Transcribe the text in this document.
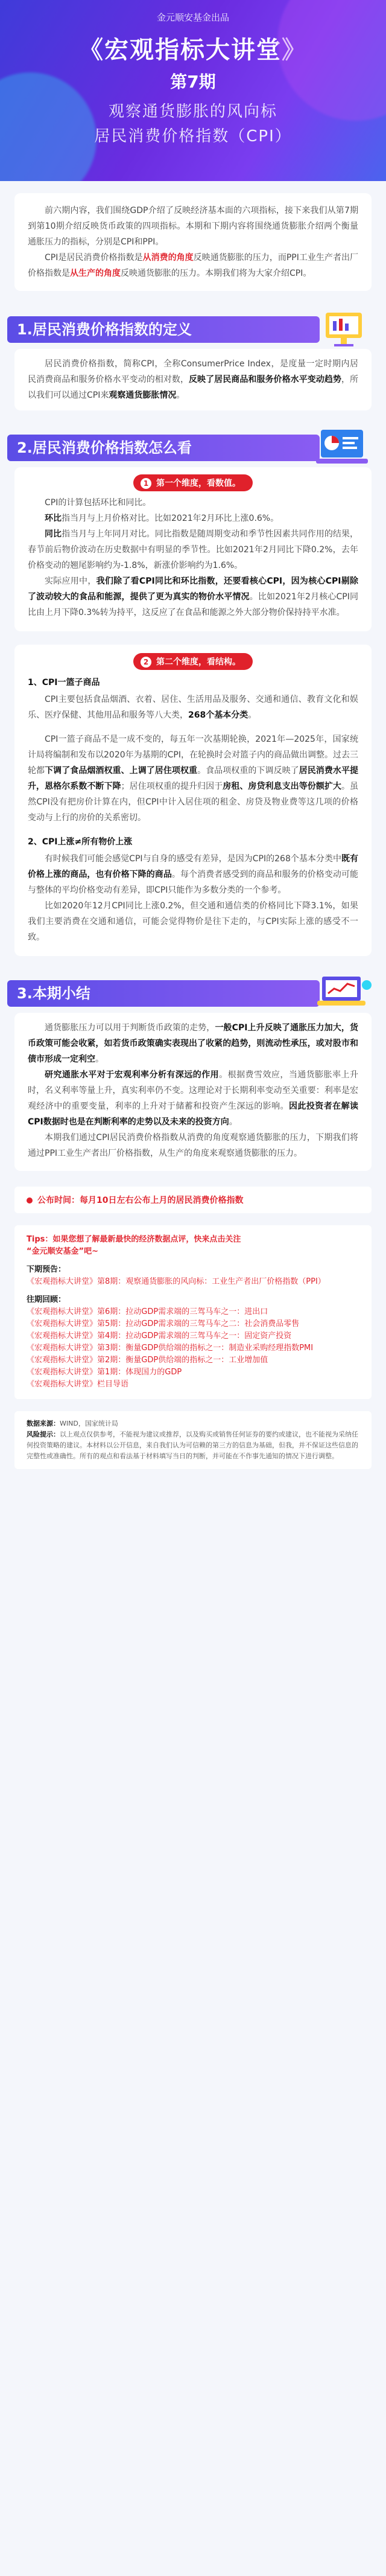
金元顺安基金出品
《宏观指标大讲堂》
第7期
观察通货膨胀的风向标
居民消费价格指数（CPI）

前六期内容，我们围绕GDP介绍了反映经济基本面的六项指标，接下来我们从第7期到第10期介绍反映货币政策的四项指标。本期和下期内容将围绕通货膨胀介绍两个衡量通胀压力的指标，分别是CPI和PPI。

CPI是居民消费价格指数是从消费的角度反映通货膨胀的压力，而PPI工业生产者出厂价格指数是从生产的角度反映通货膨胀的压力。本期我们将为大家介绍CPI。

1.居民消费价格指数的定义

居民消费价格指数，简称CPI，全称ConsumerPrice Index，是度量一定时期内居民消费商品和服务价格水平变动的相对数，反映了居民商品和服务价格水平变动趋势，所以我们可以通过CPI来观察通货膨胀情况。

2.居民消费价格指数怎么看
1 第一个维度，看数值。

CPI的计算包括环比和同比。

环比指当月与上月价格对比。比如2021年2月环比上涨0.6%。

同比指当月与上年同月对比。同比指数是随周期变动和季节性因素共同作用的结果，春节前后物价波动在历史数据中有明显的季节性。比如2021年2月同比下降0.2%，去年价格变动的翘尾影响约为-1.8%，新涨价影响约为1.6%。

实际应用中，我们除了看CPI同比和环比指数，还要看核心CPI，因为核心CPI剔除了波动较大的食品和能源，提供了更为真实的物价水平情况。比如2021年2月核心CPI同比由上月下降0.3%转为持平，这反应了在食品和能源之外大部分物价保持持平水准。

2 第二个维度，看结构。
1、CPI一篮子商品

CPI主要包括食品烟酒、衣着、居住、生活用品及服务、交通和通信、教育文化和娱乐、医疗保健、其他用品和服务等八大类，268个基本分类。

CPI一篮子商品不是一成不变的，每五年一次基期轮换，2021年—2025年，国家统计局将编制和发布以2020年为基期的CPI，在轮换时会对篮子内的商品做出调整。过去三轮都下调了食品烟酒权重、上调了居住项权重。食品项权重的下调反映了居民消费水平提升，恩格尔系数不断下降；居住项权重的提升归因于房租、房贷利息支出等份额扩大。虽然CPI没有把房价计算在内，但CPI中计入居住项的租金、房贷及物业费等这几项的价格变动与上行的房价的关系密切。

2、CPI上涨≠所有物价上涨

有时候我们可能会感觉CPI与自身的感受有差异，是因为CPI的268个基本分类中既有价格上涨的商品，也有价格下降的商品。每个消费者感受到的商品和服务的价格变动可能与整体的平均价格变动有差异，即CPI只能作为多数分类的一个参考。

比如2020年12月CPI同比上涨0.2%，但交通和通信类的价格同比下降3.1%，如果我们主要消费在交通和通信，可能会觉得物价是往下走的，与CPI实际上涨的感受不一致。

3.本期小结

通货膨胀压力可以用于判断货币政策的走势，一般CPI上升反映了通胀压力加大，货币政策可能会收紧，如若货币政策确实表现出了收紧的趋势，则流动性承压，或对股市和债市形成一定利空。

研究通胀水平对于宏观利率分析有深远的作用。根据费雪效应，当通货膨胀率上升时，名义利率等量上升，真实利率仍不变。这理论对于长期利率变动至关重要：利率是宏观经济中的重要变量，利率的上升对于储蓄和投资产生深远的影响。因此投资者在解读CPI数据时也是在判断利率的走势以及未来的投资方向。

本期我们通过CPI居民消费价格指数从消费的角度观察通货膨胀的压力，下期我们将通过PPI工业生产者出厂价格指数，从生产的角度来观察通货膨胀的压力。

公布时间：每月10日左右公布上月的居民消费价格指数
Tips：如果您想了解最新最快的经济数据点评，快来点击关注
“金元顺安基金”吧~
下期预告：
《宏观指标大讲堂》第8期：观察通货膨胀的风向标：工业生产者出厂价格指数（PPI）
往期回顾：
《宏观指标大讲堂》第6期：拉动GDP需求端的三驾马车之一：进出口
《宏观指标大讲堂》第5期：拉动GDP需求端的三驾马车之二：社会消费品零售
《宏观指标大讲堂》第4期：拉动GDP需求端的三驾马车之一：固定资产投资
《宏观指标大讲堂》第3期：衡量GDP供给端的指标之一：制造业采购经理指数PMI
《宏观指标大讲堂》第2期：衡量GDP供给端的指标之一：工业增加值
《宏观指标大讲堂》第1期：体现国力的GDP
《宏观指标大讲堂》栏目导语
数据来源：WIND，国家统计局
风险提示：以上观点仅供参考，不能视为建议或推荐，以及购买或销售任何证券的要约或建议，也不能视为采纳任何投资策略的建议。本材料以公开信息，来自我们认为可信赖的第三方的信息为基础，但我，并不保证这些信息的完整性或准确性。所有的观点和看法基于材料填写当日的判断，并可能在不作事先通知的情况下进行调整。
